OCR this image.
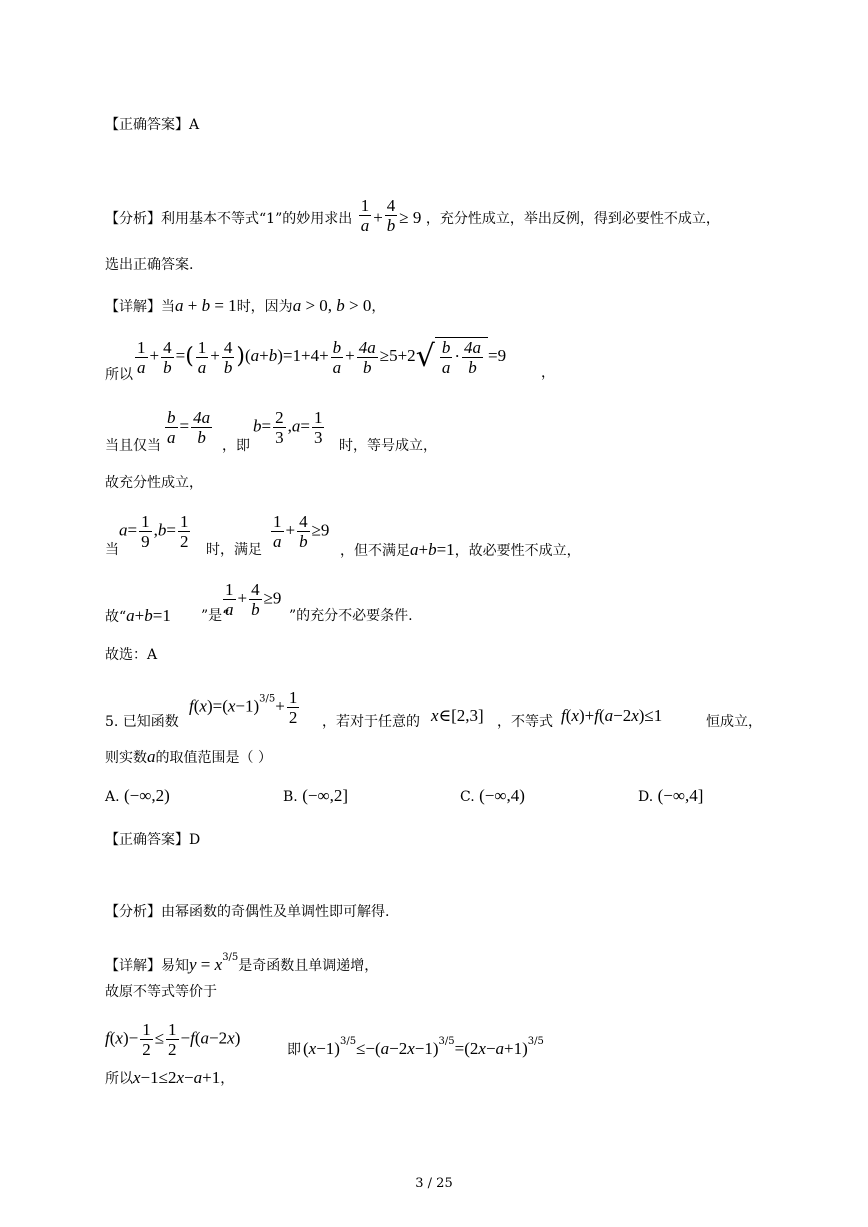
【正确答案】A
【分析】利用基本不等式“1”的妙用求出 $\frac{1}{a} + \frac{4}{b} \ge 9$ ，充分性成立，举出反例，得到必要性不成立，
选出正确答案.
【详解】当a + b = 1时，因为a > 0, b > 0，
所以 $\frac{1}{a} + \frac{4}{b}$ =( $\frac{1}{a} + \frac{4}{b} )(a+b)=1+4+ \frac{b}{a} + \frac{4a}{b} \ge 5+2√ \frac{b}{a} \cdot \frac{4a}{b} =9$
，
当且仅当 $\frac{b}{a} = \frac{4a}{b}$ ，即
$b= \frac{2}{3} ,a= \frac{1}{3}$ 时，等号成立，
故充分性成立，
当
$a= \frac{1}{9} ,b= \frac{1}{2}$ 时，满足 $\frac{1}{a} + \frac{4}{b} \ge 9$
，但不满足a+b=1，故必要性不成立，
故“a+b=1 ”是“
$\frac{1}{a} + \frac{4}{b} \ge 9$
”的充分不必要条件.
故选：A
5. 已知函数
$f(x)=(x-1)^{3/5}+ \frac{1}{2}$ ，若对于任意的 x∈[2,3] ，不等式 f(x)+f(a−2x)≤1	恒成立，
则实数a的取值范围是（ ）
A. (−∞,2)	B. (−∞,2]	C. (−∞,4)	D. (−∞,4]
【正确答案】D
【分析】由幂函数的奇偶性及单调性即可解得.
【详解】易知$y = x^{3/5}$是奇函数且单调递增，
故原不等式等价于
$f(x)- \frac{1}{2} \le \frac{1}{2} -f(a-2x)$
即 $(x-1)^{3/5}\le-(a-2x-1)^{3/5}=(2x-a+1)^{3/5}$
所以x−1≤2x−a+1，
3 / 25
